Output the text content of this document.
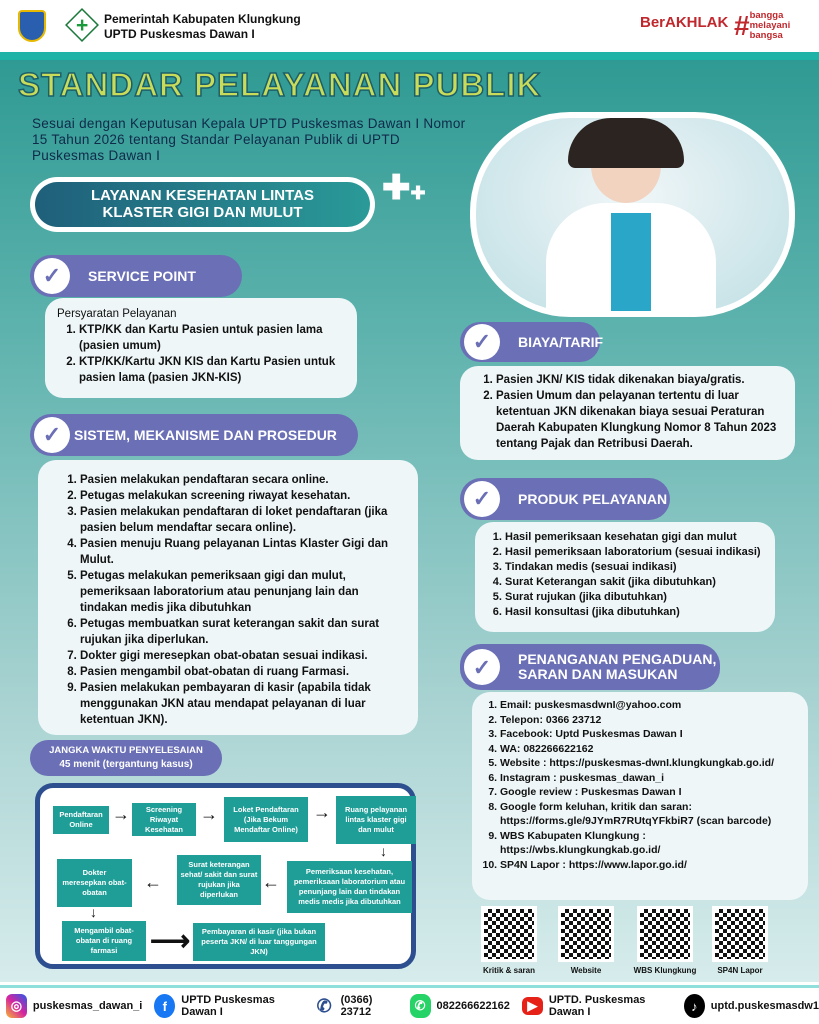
+ Pemerintah Kabupaten Klungkung
UPTD Puskesmas Dawan I
BerAKHLAK # bangga
melayani
bangsa
STANDAR PELAYANAN PUBLIK
Sesuai dengan Keputusan Kepala UPTD Puskesmas Dawan I Nomor 15 Tahun 2026 tentang Standar Pelayanan Publik di UPTD Puskesmas Dawan I
LAYANAN KESEHATAN LINTAS
KLASTER GIGI DAN MULUT
✚✚
✓	SERVICE POINT
Persyaratan Pelayanan
1. KTP/KK dan Kartu Pasien untuk pasien lama (pasien umum)
2. KTP/KK/Kartu JKN KIS dan Kartu Pasien untuk pasien lama (pasien JKN-KIS)
✓ SISTEM, MEKANISME DAN PROSEDUR
1. Pasien melakukan pendaftaran secara online.
2. Petugas melakukan screening riwayat kesehatan.
3. Pasien melakukan pendaftaran di loket pendaftaran (jika pasien belum mendaftar secara online).
4. Pasien menuju Ruang pelayanan Lintas Klaster Gigi dan Mulut.
5. Petugas melakukan pemeriksaan gigi dan mulut, pemeriksaan laboratorium atau penunjang lain dan tindakan medis jika dibutuhkan
6. Petugas membuatkan surat keterangan sakit dan surat rujukan jika diperlukan.
7. Dokter gigi meresepkan obat-obatan sesuai indikasi.
8. Pasien mengambil obat-obatan di ruang Farmasi.
9. Pasien melakukan pembayaran di kasir (apabila tidak menggunakan JKN atau mendapat pelayanan di luar ketentuan JKN).
JANGKA WAKTU PENYELESAIAN
45 menit (tergantung kasus)
Pendaftaran Online
→	Screening Riwayat Kesehatan
→	Loket Pendaftaran (Jika Bekum Mendaftar Online)
→	Ruang pelayanan lintas klaster gigi dan mulut
↓
Pemeriksaan kesehatan, pemeriksaan laboratorium atau penunjang lain dan tindakan medis medis jika dibutuhkan
←
Surat keterangan sehat/ sakit dan surat rujukan jika diperlukan
←
Dokter meresepkan obat-obatan
↓
Mengambil obat-obatan di ruang farmasi	⟶	Pembayaran di kasir (jika bukan peserta JKN/ di luar tanggungan JKN)
✓	BIAYA/TARIF
1. Pasien JKN/ KIS tidak dikenakan biaya/gratis.
2. Pasien Umum dan pelayanan tertentu di luar ketentuan JKN dikenakan biaya sesuai Peraturan Daerah Kabupaten Klungkung Nomor 8 Tahun 2023 tentang Pajak dan Retribusi Daerah.
✓	PRODUK PELAYANAN
1. Hasil pemeriksaan kesehatan gigi dan mulut
2. Hasil pemeriksaan laboratorium (sesuai indikasi)
3. Tindakan medis (sesuai indikasi)
4. Surat Keterangan sakit (jika dibutuhkan)
5. Surat rujukan (jika dibutuhkan)
6. Hasil konsultasi (jika dibutuhkan)
✓	PENANGANAN PENGADUAN,
SARAN DAN MASUKAN
1. Email: puskesmasdwnI@yahoo.com
2. Telepon: 0366 23712
3. Facebook: Uptd Puskesmas Dawan I
4. WA: 082266622162
5. Website : https://puskesmas-dwnI.klungkungkab.go.id/
6. Instagram : puskesmas_dawan_i
7. Google review : Puskesmas Dawan I
8. Google form keluhan, kritik dan saran: https://forms.gle/9JYmR7RUtqYFkbiR7 (scan barcode)
9. WBS Kabupaten Klungkung : https://wbs.klungkungkab.go.id/
10. SP4N Lapor : https://www.lapor.go.id/
Kritik & saran	Website	WBS Klungkung	SP4N Lapor
◎ puskesmas_dawan_i	f	UPTD Puskesmas Dawan I	✆ (0366) 23712	✆	082266622162	▶	UPTD. Puskesmas Dawan I	♪	uptd.puskesmasdw1
